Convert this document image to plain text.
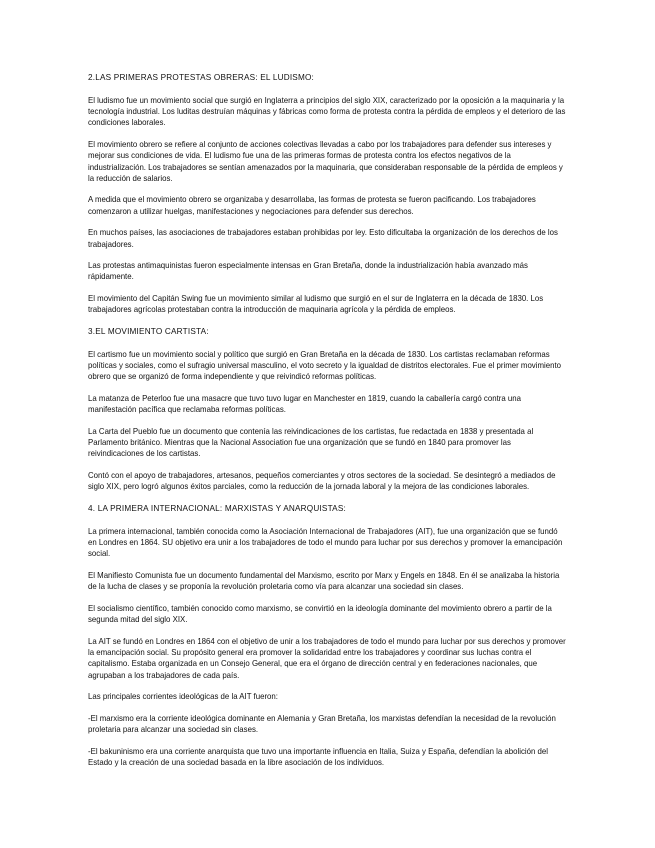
2.LAS PRIMERAS PROTESTAS OBRERAS: EL LUDISMO:

El ludismo fue un movimiento social que surgió en Inglaterra a principios del siglo XIX, caracterizado por la oposición a la maquinaria y la tecnología industrial. Los luditas destruían máquinas y fábricas como forma de protesta contra la pérdida de empleos y el deterioro de las condiciones laborales.

El movimiento obrero se refiere al conjunto de acciones colectivas llevadas a cabo por los trabajadores para defender sus intereses y mejorar sus condiciones de vida. El ludismo fue una de las primeras formas de protesta contra los efectos negativos de la industrialización. Los trabajadores se sentían amenazados por la maquinaria, que consideraban responsable de la pérdida de empleos y la reducción de salarios.

A medida que el movimiento obrero se organizaba y desarrollaba, las formas de protesta se fueron pacificando. Los trabajadores comenzaron a utilizar huelgas, manifestaciones y negociaciones para defender sus derechos.

En muchos países, las asociaciones de trabajadores estaban prohibidas por ley. Esto dificultaba la organización de los derechos de los trabajadores.

Las protestas antimaquinistas fueron especialmente intensas en Gran Bretaña, donde la industrialización había avanzado más rápidamente.

El movimiento del Capitán Swing fue un movimiento similar al ludismo que surgió en el sur de Inglaterra en la década de 1830. Los trabajadores agrícolas protestaban contra la introducción de maquinaria agrícola y la pérdida de empleos.

3.EL MOVIMIENTO CARTISTA:

El cartismo fue un movimiento social y político que surgió en Gran Bretaña en la década de 1830. Los cartistas reclamaban reformas políticas y sociales, como el sufragio universal masculino, el voto secreto y la igualdad de distritos electorales. Fue el primer movimiento obrero que se organizó de forma independiente y que reivindicó reformas políticas.

La matanza de Peterloo fue una masacre que tuvo tuvo lugar en Manchester en 1819, cuando la caballería cargó contra una manifestación pacífica que reclamaba reformas políticas.

La Carta del Pueblo fue un documento que contenía las reivindicaciones de los cartistas, fue redactada en 1838 y presentada al Parlamento británico. Mientras que la Nacional Association fue una organización que se fundó en 1840 para promover las reivindicaciones de los cartistas.

Contó con el apoyo de trabajadores, artesanos, pequeños comerciantes y otros sectores de la sociedad. Se desintegró a mediados de siglo XIX, pero logró algunos éxitos parciales, como la reducción de la jornada laboral y la mejora de las condiciones laborales.

4. LA PRIMERA INTERNACIONAL: MARXISTAS Y ANARQUISTAS:

La primera internacional, también conocida como la Asociación Internacional de Trabajadores (AIT), fue una organización que se fundó en Londres en 1864. SU objetivo era unir a los trabajadores de todo el mundo para luchar por sus derechos y promover la emancipación social.

El Manifiesto Comunista fue un documento fundamental del Marxismo, escrito por Marx y Engels en 1848. En él se analizaba la historia de la lucha de clases y se proponía la revolución proletaria como vía para alcanzar una sociedad sin clases.

El socialismo científico, también conocido como marxismo, se convirtió en la ideología dominante del movimiento obrero a partir de la segunda mitad del siglo XIX.

La AIT se fundó en Londres en 1864 con el objetivo de unir a los trabajadores de todo el mundo para luchar por sus derechos y promover la emancipación social. Su propósito general era promover la solidaridad entre los trabajadores y coordinar sus luchas contra el capitalismo. Estaba organizada en un Consejo General, que era el órgano de dirección central y en federaciones nacionales, que agrupaban a los trabajadores de cada país.

Las principales corrientes ideológicas de la AIT fueron:

-El marxismo era la corriente ideológica dominante en Alemania y Gran Bretaña, los marxistas defendían la necesidad de la revolución proletaria para alcanzar una sociedad sin clases.

-El bakuninismo era una corriente anarquista que tuvo una importante influencia en Italia, Suiza y España, defendían la abolición del Estado y la creación de una sociedad basada en la libre asociación de los individuos.
